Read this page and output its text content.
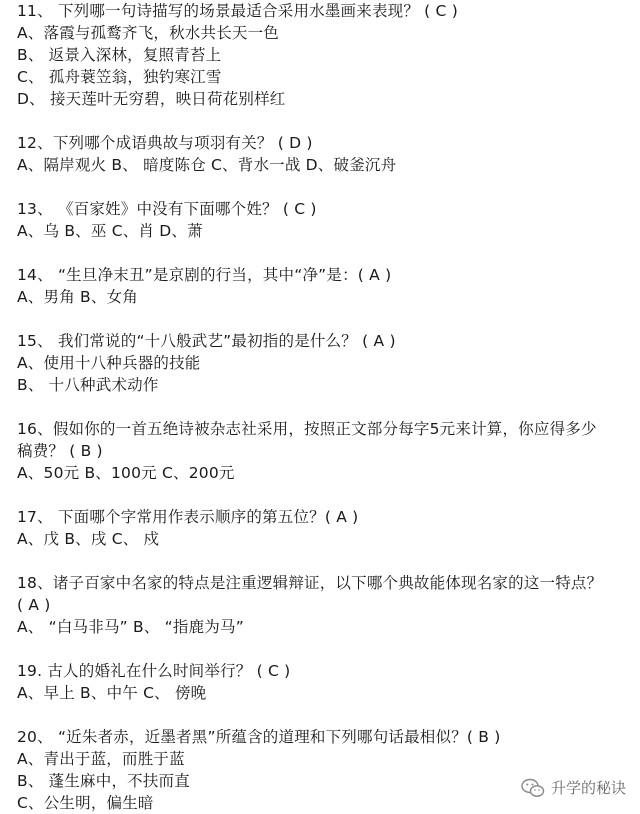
11、 下列哪一句诗描写的场景最适合采用水墨画来表现？ ( C )

A、落霞与孤鹜齐飞，秋水共长天一色

B、 返景入深林，复照青苔上

C、 孤舟蓑笠翁，独钓寒江雪

D、 接天莲叶无穷碧，映日荷花别样红

12、下列哪个成语典故与项羽有关？ ( D )

A、隔岸观火 B、 暗度陈仓 C、背水一战 D、破釜沉舟

13、 《百家姓》中没有下面哪个姓？ ( C )

A、乌 B、巫 C、肖 D、萧

14、 “生旦净末丑”是京剧的行当，其中“净”是：( A )

A、男角 B、女角

15、 我们常说的“十八般武艺”最初指的是什么？ ( A )

A、使用十八种兵器的技能

B、 十八种武术动作

16、假如你的一首五绝诗被杂志社采用，按照正文部分每字5元来计算，你应得多少

稿费？ ( B )

A、50元 B、100元 C、200元

17、 下面哪个字常用作表示顺序的第五位？( A )

A、戊 B、戌 C、 戍

18、诸子百家中名家的特点是注重逻辑辩证，以下哪个典故能体现名家的这一特点？

( A )

A、 “白马非马” B、 “指鹿为马”

19. 古人的婚礼在什么时间举行？ ( C )

A、早上 B、中午 C、 傍晚

20、 “近朱者赤，近墨者黑”所蕴含的道理和下列哪句话最相似？( B )

A、青出于蓝，而胜于蓝

B、 蓬生麻中，不扶而直

C、公生明，偏生暗

升学的秘诀
